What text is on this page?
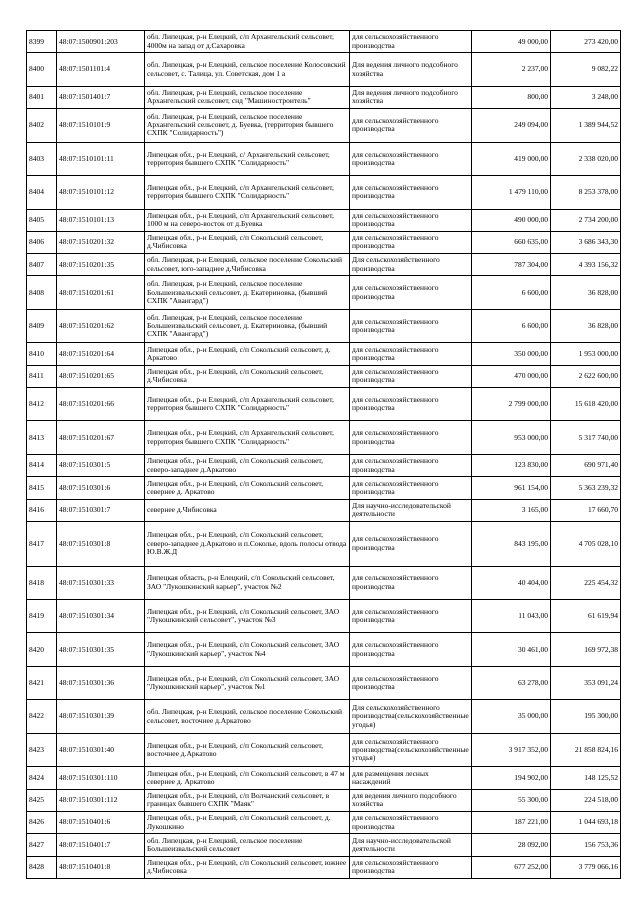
8399	48:07:1500901:203	обл. Липецкая, р-н Елецкий, с/п Архангельский сельсовет, 4000м на запад от д.Сахаровка	для сельскохозяйственного производства	49 000,00	273 420,00
8400	48:07:1501101:4	обл. Липецкая, р-н Елецкий, сельское поселение Колосовский сельсовет, с. Талица, ул. Советская, дом 1 а	Для ведения личного подсобного хозяйства	2 237,00	9 082,22
8401	48:07:1501401:7	обл. Липецкая, р-н Елецкий, сельское поселение Архангельский сельсовет, снд "Машиностроитель"	Для ведения личного подсобного хозяйства	800,00	3 248,00
8402	48:07:1510101:9	обл. Липецкая, р-н Елецкий, сельское поселение Архангельский сельсовет, д. Буевка, (территория бывшего СХПК "Солидарность")	для сельскохозяйственного производства	249 094,00	1 389 944,52
8403	48:07:1510101:11	Липецкая обл., р-н Елецкий, с/ Архангельский сельсовет, территория бывшего СХПК "Солидарность"	для сельскохозяйственного производства	419 000,00	2 338 020,00
8404	48:07:1510101:12	Липецкая обл., р-н Елецкий, с/п Архангельский сельсовет, территория бывшего СХПК "Солидарность"	для сельскохозяйственного производства	1 479 110,00	8 253 378,00
8405	48:07:1510101:13	Липецкая обл., р-н Елецкий, с/п Архангельский сельсовет, 1000 м на северо-восток от д.Буевка	для сельскохозяйственного производства	490 000,00	2 734 200,00
8406	48:07:1510201:32	Липецкая обл., р-н Елецкий, с/п Сокольский сельсовет, д.Чибисовка	для сельскохозяйственного производства	660 635,00	3 686 343,30
8407	48:07:1510201:35	обл. Липецкая, р-н Елецкий, сельское поселение Сокольский сельсовет, юго-западнее д.Чибисовка	Для сельскохозяйственного производства	787 304,00	4 393 156,32
8408	48:07:1510201:61	обл. Липецкая, р-н Елецкий, сельское поселение Большеизвальский сельсовет, д. Екатериновка, (бывший СХПК "Авангард")	для сельскохозяйственного производства	6 600,00	36 828,00
8409	48:07:1510201:62	обл. Липецкая, р-н Елецкий, сельское поселение Большеизвальский сельсовет, д. Екатериновка, (бывший СХПК "Авангард")	для сельскохозяйственного производства	6 600,00	36 828,00
8410	48:07:1510201:64	Липецкая обл., р-н Елецкий, с/п Сокольский сельсовет, д. Аркатово	для сельскохозяйственного производства	350 000,00	1 953 000,00
8411	48:07:1510201:65	Липецкая обл., р-н Елецкий, с/п Сокольский сельсовет, д.Чибисовка	для сельскохозяйственного производства	470 000,00	2 622 600,00
8412	48:07:1510201:66	Липецкая обл., р-н Елецкий, с/п Архангельский сельсовет, территория бывшего СХПК "Солидарность"	для сельскохозяйственного производства	2 799 000,00	15 618 420,00
8413	48:07:1510201:67	Липецкая обл., р-н Елецкий, с/п Архангельский сельсовет, территория бывшего СХПК "Солидарность"	для сельскохозяйственного производства	953 000,00	5 317 740,00
8414	48:07:1510301:5	Липецкая обл., р-н Елецкий, с/п Сокольский сельсовет, северо-западнее д.Аркатово	для сельскохозяйственного производства	123 830,00	690 971,40
8415	48:07:1510301:6	Липецкая обл., р-н Елецкий, с/п Сокольский сельсовет, севернее д. Аркатово	для сельскохозяйственного производства	961 154,00	5 363 239,32
8416	48:07:1510301:7	севернее д.Чибисовка	Для научно-исследовательской деятельности	3 165,00	17 660,70
8417	48:07:1510301:8	Липецкая обл., р-н Елецкий, с/п Сокольский сельсовет, северо-западнее д.Аркатово и п.Соколье, вдоль полосы отвода Ю.В.Ж.Д	для сельскохозяйственного производства	843 195,00	4 705 028,10
8418	48:07:1510301:33	Липецкая область, р-н Елецкий, с/п Сокольский сельсовет, ЗАО "Лукошкинский карьер", участок №2	для сельскохозяйственного производства	40 404,00	225 454,32
8419	48:07:1510301:34	Липецкая обл., р-н Елецкий, с/п Сокольский сельсовет, ЗАО "Лукошкинский сельсовет", участок №3	для сельскохозяйственного производства	11 043,00	61 619,94
8420	48:07:1510301:35	Липецкая обл., р-н Елецкий, с/п Сокольский сельсовет, ЗАО "Лукошкинский карьер", участок №4	для сельскохозяйственного производства	30 461,00	169 972,38
8421	48:07:1510301:36	Липецкая обл., р-н Елецкий, с/п Сокольский сельсовет, ЗАО "Лукошкинский карьер", участок №1	для сельскохозяйственного производства	63 278,00	353 091,24
8422	48:07:1510301:39	обл. Липецкая, р-н Елецкий, сельское поселение Сокольский сельсовет, восточнее д.Аркатово	Для сельскохозяйственного производства(сельскохозяйственные угодья)	35 000,00	195 300,00
8423	48:07:1510301:40	Липецкая обл., р-н Елецкий, с/п Сокольский сельсовет, восточнее д.Аркатово	для сельскохозяйственного производства(сельскохозяйственные угодья)	3 917 352,00	21 858 824,16
8424	48:07:1510301:110	Липецкая обл., р-н Елецкий, с/п Сокольский сельсовет, в 47 м севернее д. Аркатово	для размещения лесных насаждений	194 902,00	148 125,52
8425	48:07:1510301:112	Липецкая обл., р-н Елецкий, с/п Волчанский сельсовет, в границах бывшего СХПК "Маяк"	для ведения личного подсобного хозяйства	55 300,00	224 518,00
8426	48:07:1510401:6	Липецкая обл., р-н Елецкий, с/п Сокольский сельсовет, д. Лукошкино	для сельскохозяйственного производства	187 221,00	1 044 693,18
8427	48:07:1510401:7	обл. Липецкая, р-н Елецкий, сельское поселение Большеизвальский сельсовет	Для научно-исследовательской деятельности	28 092,00	156 753,36
8428	48:07:1510401:8	Липецкая обл., р-н Елецкий, с/п Сокольский сельсовет, южнее д.Чибисовка	для сельскохозяйственного производства	677 252,00	3 779 066,16
